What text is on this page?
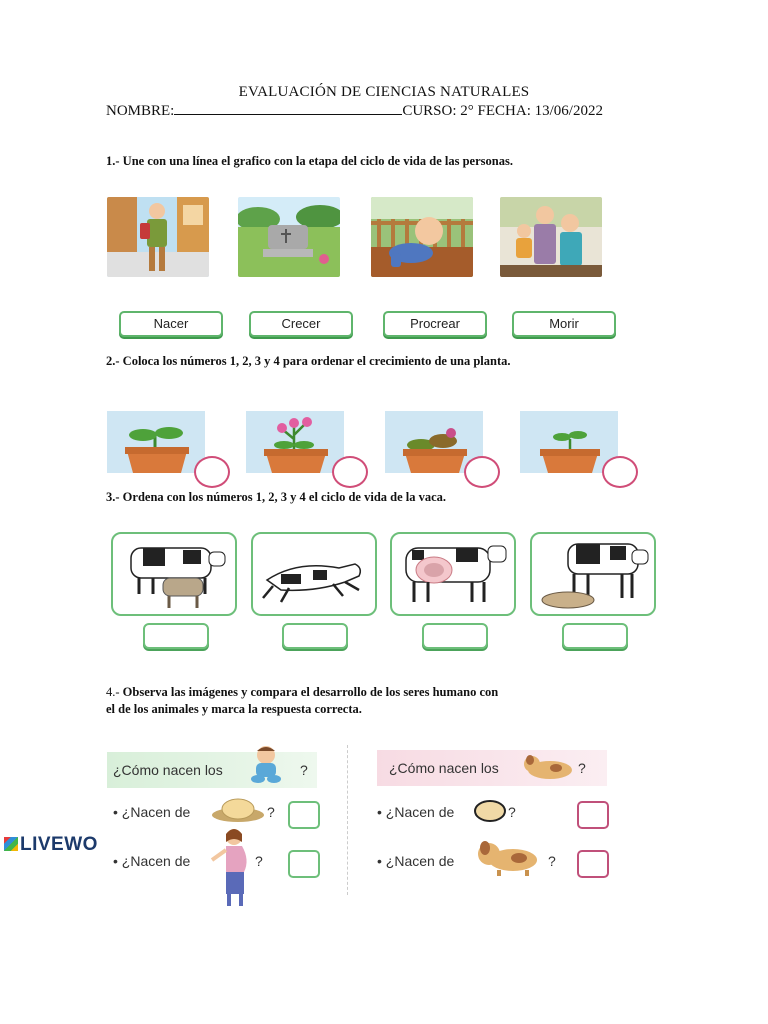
EVALUACIÓN DE CIENCIAS NATURALES
NOMBRE:	CURSO: 2° FECHA: 13/06/2022
1.- Une con una línea el grafico con la etapa del ciclo de vida de las personas.
Nacer	Crecer	Procrear	Morir
2.- Coloca los números 1, 2, 3 y 4 para ordenar el crecimiento de una planta.
3.- Ordena con los números 1, 2, 3 y 4 el ciclo de vida de la vaca.
4.- Observa las imágenes y compara el desarrollo de los seres humano con
el de los animales y marca la respuesta correcta.
¿Cómo nacen los	?
• ¿Nacen de	?
• ¿Nacen de	?
¿Cómo nacen los	?
• ¿Nacen de	?
• ¿Nacen de	?
LIVEWO
